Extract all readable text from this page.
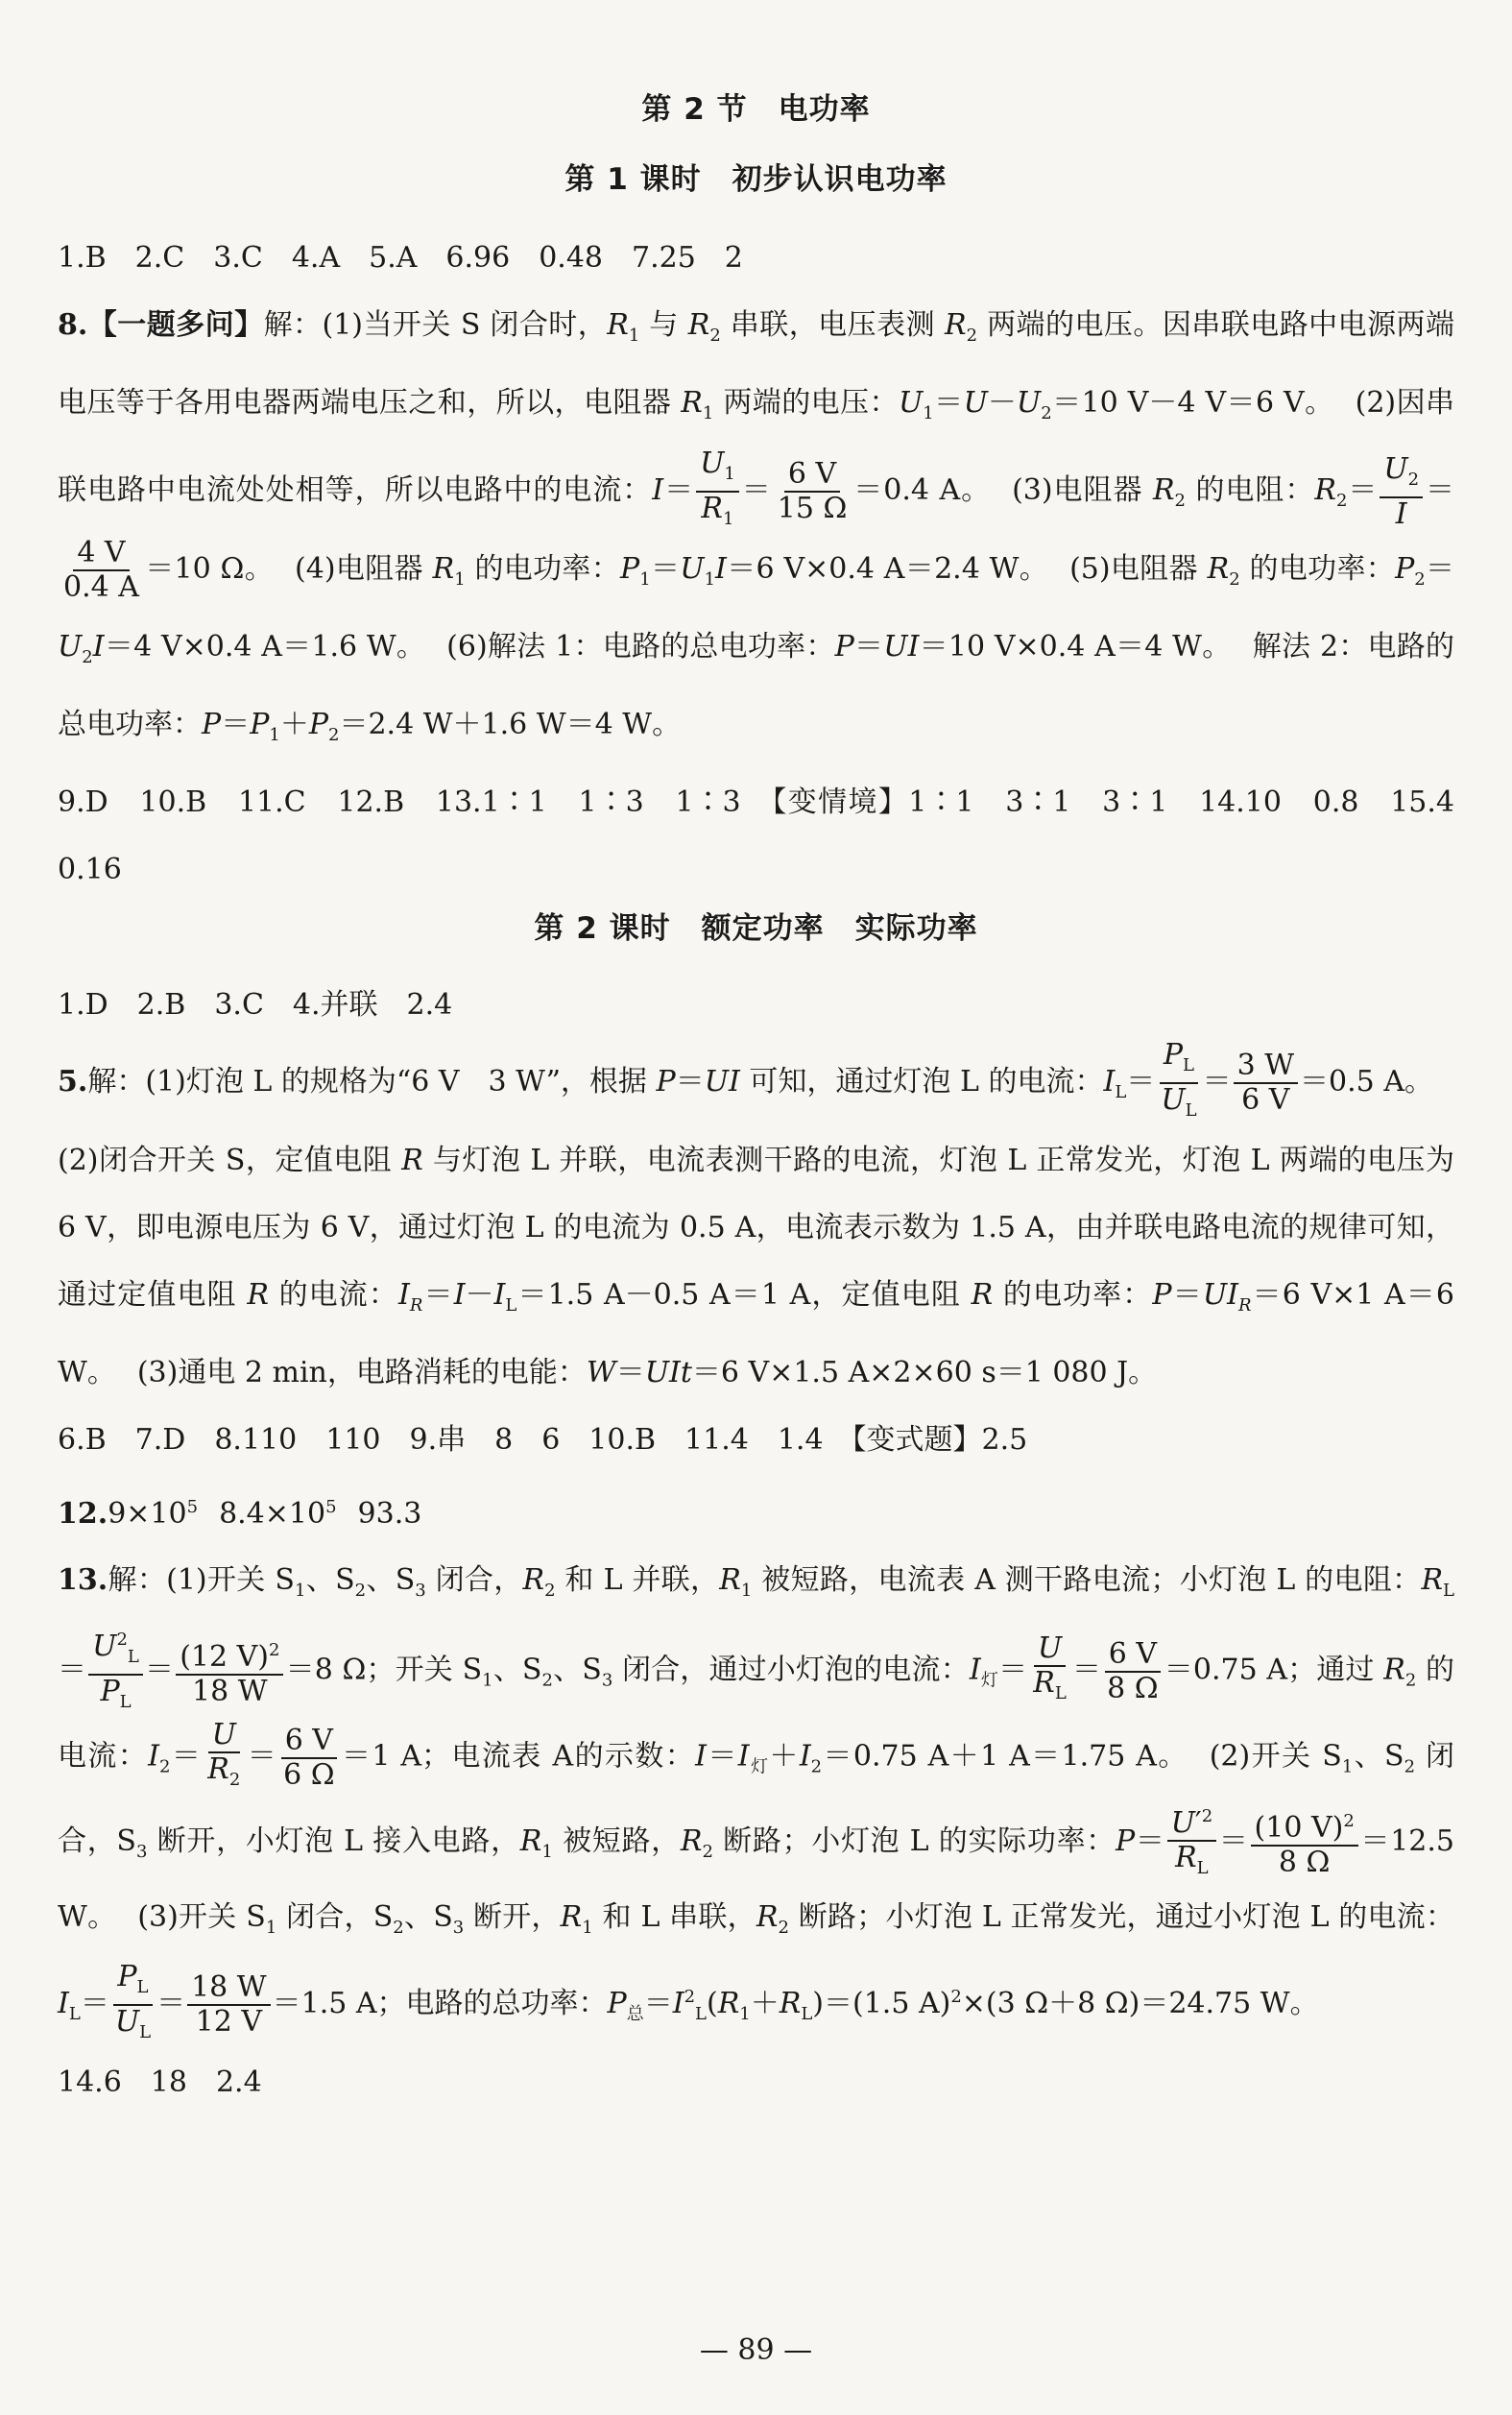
第 2 节　电功率
第 1 课时　初步认识电功率

1.B　2.C　3.C　4.A　5.A　6.96　0.48　7.25　2

8.【一题多问】解：(1)当开关 S 闭合时，$R_1$ 与 $R_2$ 串联，电压表测 $R_2$ 两端的电压。因串联电路中电源两端电压等于各用电器两端电压之和，所以，电阻器 $R_1$ 两端的电压：$U_1=U-U_2=10$ V－4 V＝6 V。 (2)因串联电路中电流处处相等，所以电路中的电流：$I= \frac{U_1}{R_1} = \frac{6 V}{15 \Omega} =0.4$ A。 (3)电阻器 $R_2$ 的电阻：$R_2= \frac{U_2}{I}$ ＝
$\frac{4 V}{0.4 A} =10$ Ω。 (4)电阻器 $R_1$ 的电功率：$P_1=U_1I=6$ V×0.4 A＝2.4 W。 (5)电阻器 $R_2$ 的电功率：$P_2=U_2I=4$ V×0.4 A＝1.6 W。 (6)解法 1：电路的总电功率：P＝UI＝10 V×0.4 A＝4 W。 解法 2：电路的总电功率：$P=P_1+P_2=2.4$ W＋1.6 W＝4 W。

9.D　10.B　11.C　12.B　13.1∶1　1∶3　1∶3　【变情境】1∶1　3∶1　3∶1　14.10　0.8　15.4　0.16

第 2 课时　额定功率　实际功率

1.D　2.B　3.C　4.并联　2.4

5.解：(1)灯泡 L 的规格为“6 V　3 W”，根据 P＝UI 可知，通过灯泡 L 的电流：$I_L= \frac{P_L}{U_L} = \frac{3 W}{6 V} =0.5$ A。(2)闭合开关 S，定值电阻 R 与灯泡 L 并联，电流表测干路的电流，灯泡 L 正常发光，灯泡 L 两端的电压为 6 V，即电源电压为 6 V，通过灯泡 L 的电流为 0.5 A，电流表示数为 1.5 A，由并联电路电流的规律可知，通过定值电阻 R 的电流：$I_R=I-I_L=1.5$ A－0.5 A＝1 A，定值电阻 R 的电功率：$P=UI_R=6$ V×1 A＝6 W。 (3)通电 2 min，电路消耗的电能：W＝UIt＝6 V×1.5 A×2×60 s＝1 080 J。

6.B　7.D　8.110　110　9.串　8　6　10.B　11.4　1.4　【变式题】2.5

$12.9\times 10^5$ $8.4\times 10^5$ 93.3

13.解：(1)开关 $S_1$、$S_2$、$S_3$ 闭合，$R_2$ 和 L 并联，$R_1$ 被短路，电流表 A 测干路电流；小灯泡 L 的电阻：$R_L= \frac{U^2_L}{P_L} = \frac{(12 V)^2}{18 W} =8$ Ω；开关 $S_1$、$S_2$、$S_3$ 闭合，通过小灯泡的电流：$I_灯= \frac{U}{R_L} = \frac{6 V}{8 \Omega} =0.75$ A；通过 $R_2$ 的电流：$I_2= \frac{U}{R_2} = \frac{6 V}{6 \Omega} =1$ A；电流表 A的示数：$I=I_灯+I_2=0.75$ A＋1 A＝1.75 A。 (2)开关 $S_1$、$S_2$ 闭合，$S_3$ 断开，小灯泡 L 接入电路，$R_1$ 被短路，$R_2$ 断路；小灯泡 L 的实际功率：$P= \frac{U'^2}{R_L} = \frac{(10 V)^2}{8 \Omega} =12.5$ W。 (3)开关 $S_1$ 闭合，$S_2$、$S_3$ 断开，$R_1$ 和 L 串联，$R_2$ 断路；小灯泡 L 正常发光，通过小灯泡 L 的电流：$I_L= \frac{P_L}{U_L} = \frac{18 W}{12 V} =1.5$ A；电路的总功率：$P_总=I^2_L(R_1+R_L)=(1.5$ A)$^2$×(3 Ω＋8 Ω)＝24.75 W。

14.6　18　2.4

— 89 —
